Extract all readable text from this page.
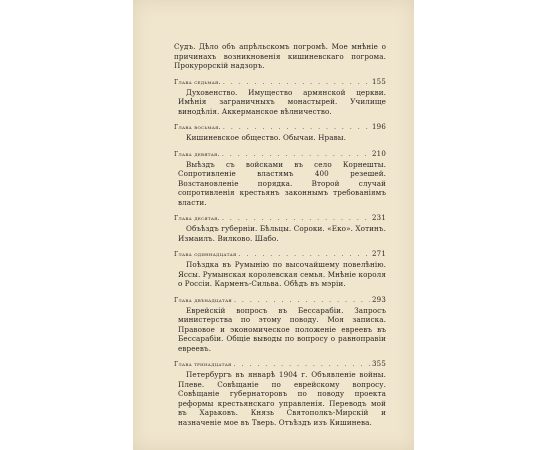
Судъ. Дѣло объ апрѣльскомъ погромѣ. Мое мнѣніе о причинахъ возникновенія кишиневскаго погрома. Прокурорскій надзоръ.

Глава седьмая. . . .	155

Духовенство. Имущество армянской церкви. Имѣнія заграничныхъ монастырей. Училище винодѣлія. Аккерманское вѣлничество.

Глава восьмая. . . .	196

Кишиневское общество. Обычаи. Нравы.

Глава девятая. . . .	210

Выѣздъ съ войсками въ село Корнешты. Сопротивленіе властямъ 400 резешей. Возстановленіе порядка. Второй случай сопротивленія крестьянъ законнымъ требованіямъ власти.

Глава десятая. . . .	231

Объѣздъ губерніи. Бѣльцы. Сороки. «Еко». Хотинъ. Измаилъ. Вилково. Шабо.

Глава одиннадцатая . . .	271

Поѣздка въ Румынію по высочайшему повелѣнію. Яссы. Румынская королевская семья. Мнѣніе короля о Россіи. Карменъ-Сильва. Обѣдъ въ мэріи.

Глава двѣнадцатая . . .	293

Еврейскій вопросъ въ Бессарабіи. Запросъ министерства по этому поводу. Моя записка. Правовое и экономическое положеніе евреевъ въ Бессарабіи. Общіе выводы по вопросу о равноправіи евреевъ.

Глава тринадцатая . . .	355

Петербургъ въ январѣ 1904 г. Объявленіе войны. Плеве. Совѣщаніе по еврейскому вопросу. Совѣщаніе губернаторовъ по поводу проекта реформы крестьянскаго управленія. Переводъ мой въ Харьковъ. Князь Святополкъ-Мирскій и назначеніе мое въ Тверь. Отъѣздъ изъ Кишинева.
